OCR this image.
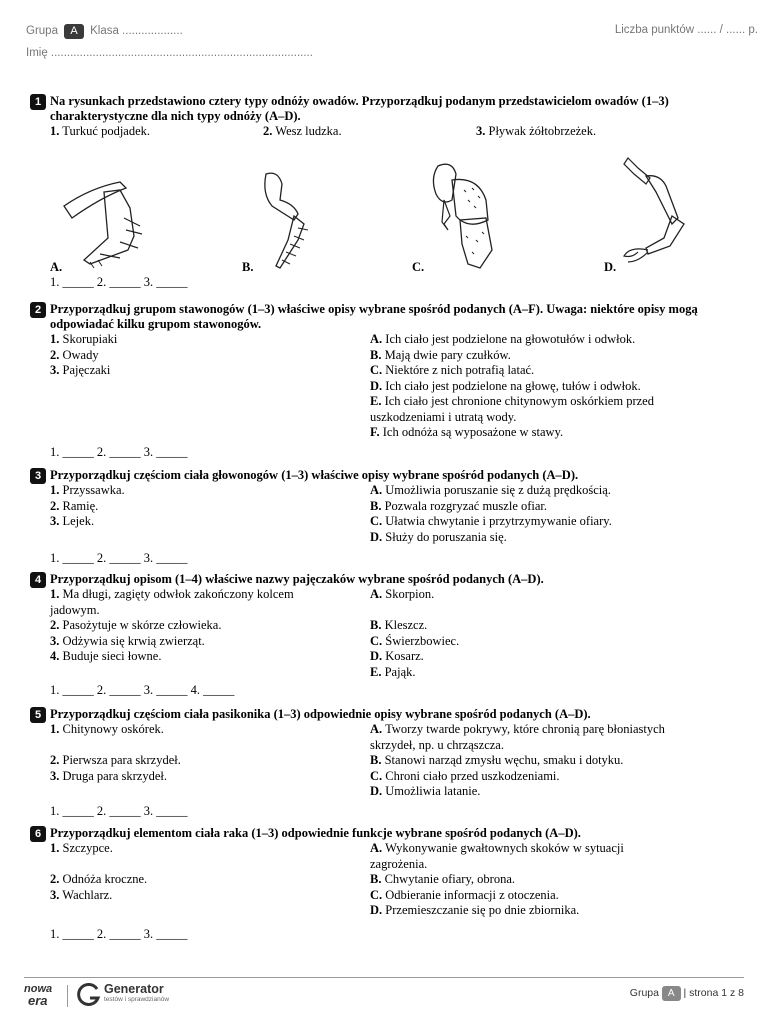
Grupa A Klasa ...................	Liczba punktów ...... / ...... p.
Imię ..................................................................................
1 Na rysunkach przedstawiono cztery typy odnóży owadów. Przyporządkuj podanym przedstawicielom owadów (1–3) charakterystyczne dla nich typy odnóży (A–D).
1. Turkuć podjadek.	2. Wesz ludzka.	3. Pływak żółtobrzeżek.
A.	B.	C.	D.
1. _____ 2. _____ 3. _____
2 Przyporządkuj grupom stawonogów (1–3) właściwe opisy wybrane spośród podanych (A–F). Uwaga: niektóre opisy mogą odpowiadać kilku grupom stawonogów.
1. Skorupiaki
2. Owady
3. Pajęczaki
A. Ich ciało jest podzielone na głowotułów i odwłok.
B. Mają dwie pary czułków.
C. Niektóre z nich potrafią latać.
D. Ich ciało jest podzielone na głowę, tułów i odwłok.
E. Ich ciało jest chronione chitynowym oskórkiem przed uszkodzeniami i utratą wody.
F. Ich odnóża są wyposażone w stawy.
1. _____ 2. _____ 3. _____
3 Przyporządkuj częściom ciała głowonogów (1–3) właściwe opisy wybrane spośród podanych (A–D).
1. Przyssawka.
2. Ramię.
3. Lejek.
A. Umożliwia poruszanie się z dużą prędkością.
B. Pozwala rozgryzać muszle ofiar.
C. Ułatwia chwytanie i przytrzymywanie ofiary.
D. Służy do poruszania się.
1. _____ 2. _____ 3. _____
4 Przyporządkuj opisom (1–4) właściwe nazwy pajęczaków wybrane spośród podanych (A–D).
1. Ma długi, zagięty odwłok zakończony kolcem jadowym.
2. Pasożytuje w skórze człowieka.
3. Odżywia się krwią zwierząt.
4. Buduje sieci łowne.
A. Skorpion.
B. Kleszcz.
C. Świerzbowiec.
D. Kosarz.
E. Pająk.
1. _____ 2. _____ 3. _____ 4. _____
5 Przyporządkuj częściom ciała pasikonika (1–3) odpowiednie opisy wybrane spośród podanych (A–D).
1. Chitynowy oskórek.
2. Pierwsza para skrzydeł.
3. Druga para skrzydeł.
A. Tworzy twarde pokrywy, które chronią parę błoniastych skrzydeł, np. u chrząszcza.
B. Stanowi narząd zmysłu węchu, smaku i dotyku.
C. Chroni ciało przed uszkodzeniami.
D. Umożliwia latanie.
1. _____ 2. _____ 3. _____
6 Przyporządkuj elementom ciała raka (1–3) odpowiednie funkcje wybrane spośród podanych (A–D).
1. Szczypce.
2. Odnóża kroczne.
3. Wachlarz.
A. Wykonywanie gwałtownych skoków w sytuacji zagrożenia.
B. Chwytanie ofiary, obrona.
C. Odbieranie informacji z otoczenia.
D. Przemieszczanie się po dnie zbiornika.
1. _____ 2. _____ 3. _____
nowa
era
Generator
testów i sprawdzianów
Grupa A | strona 1 z 8
